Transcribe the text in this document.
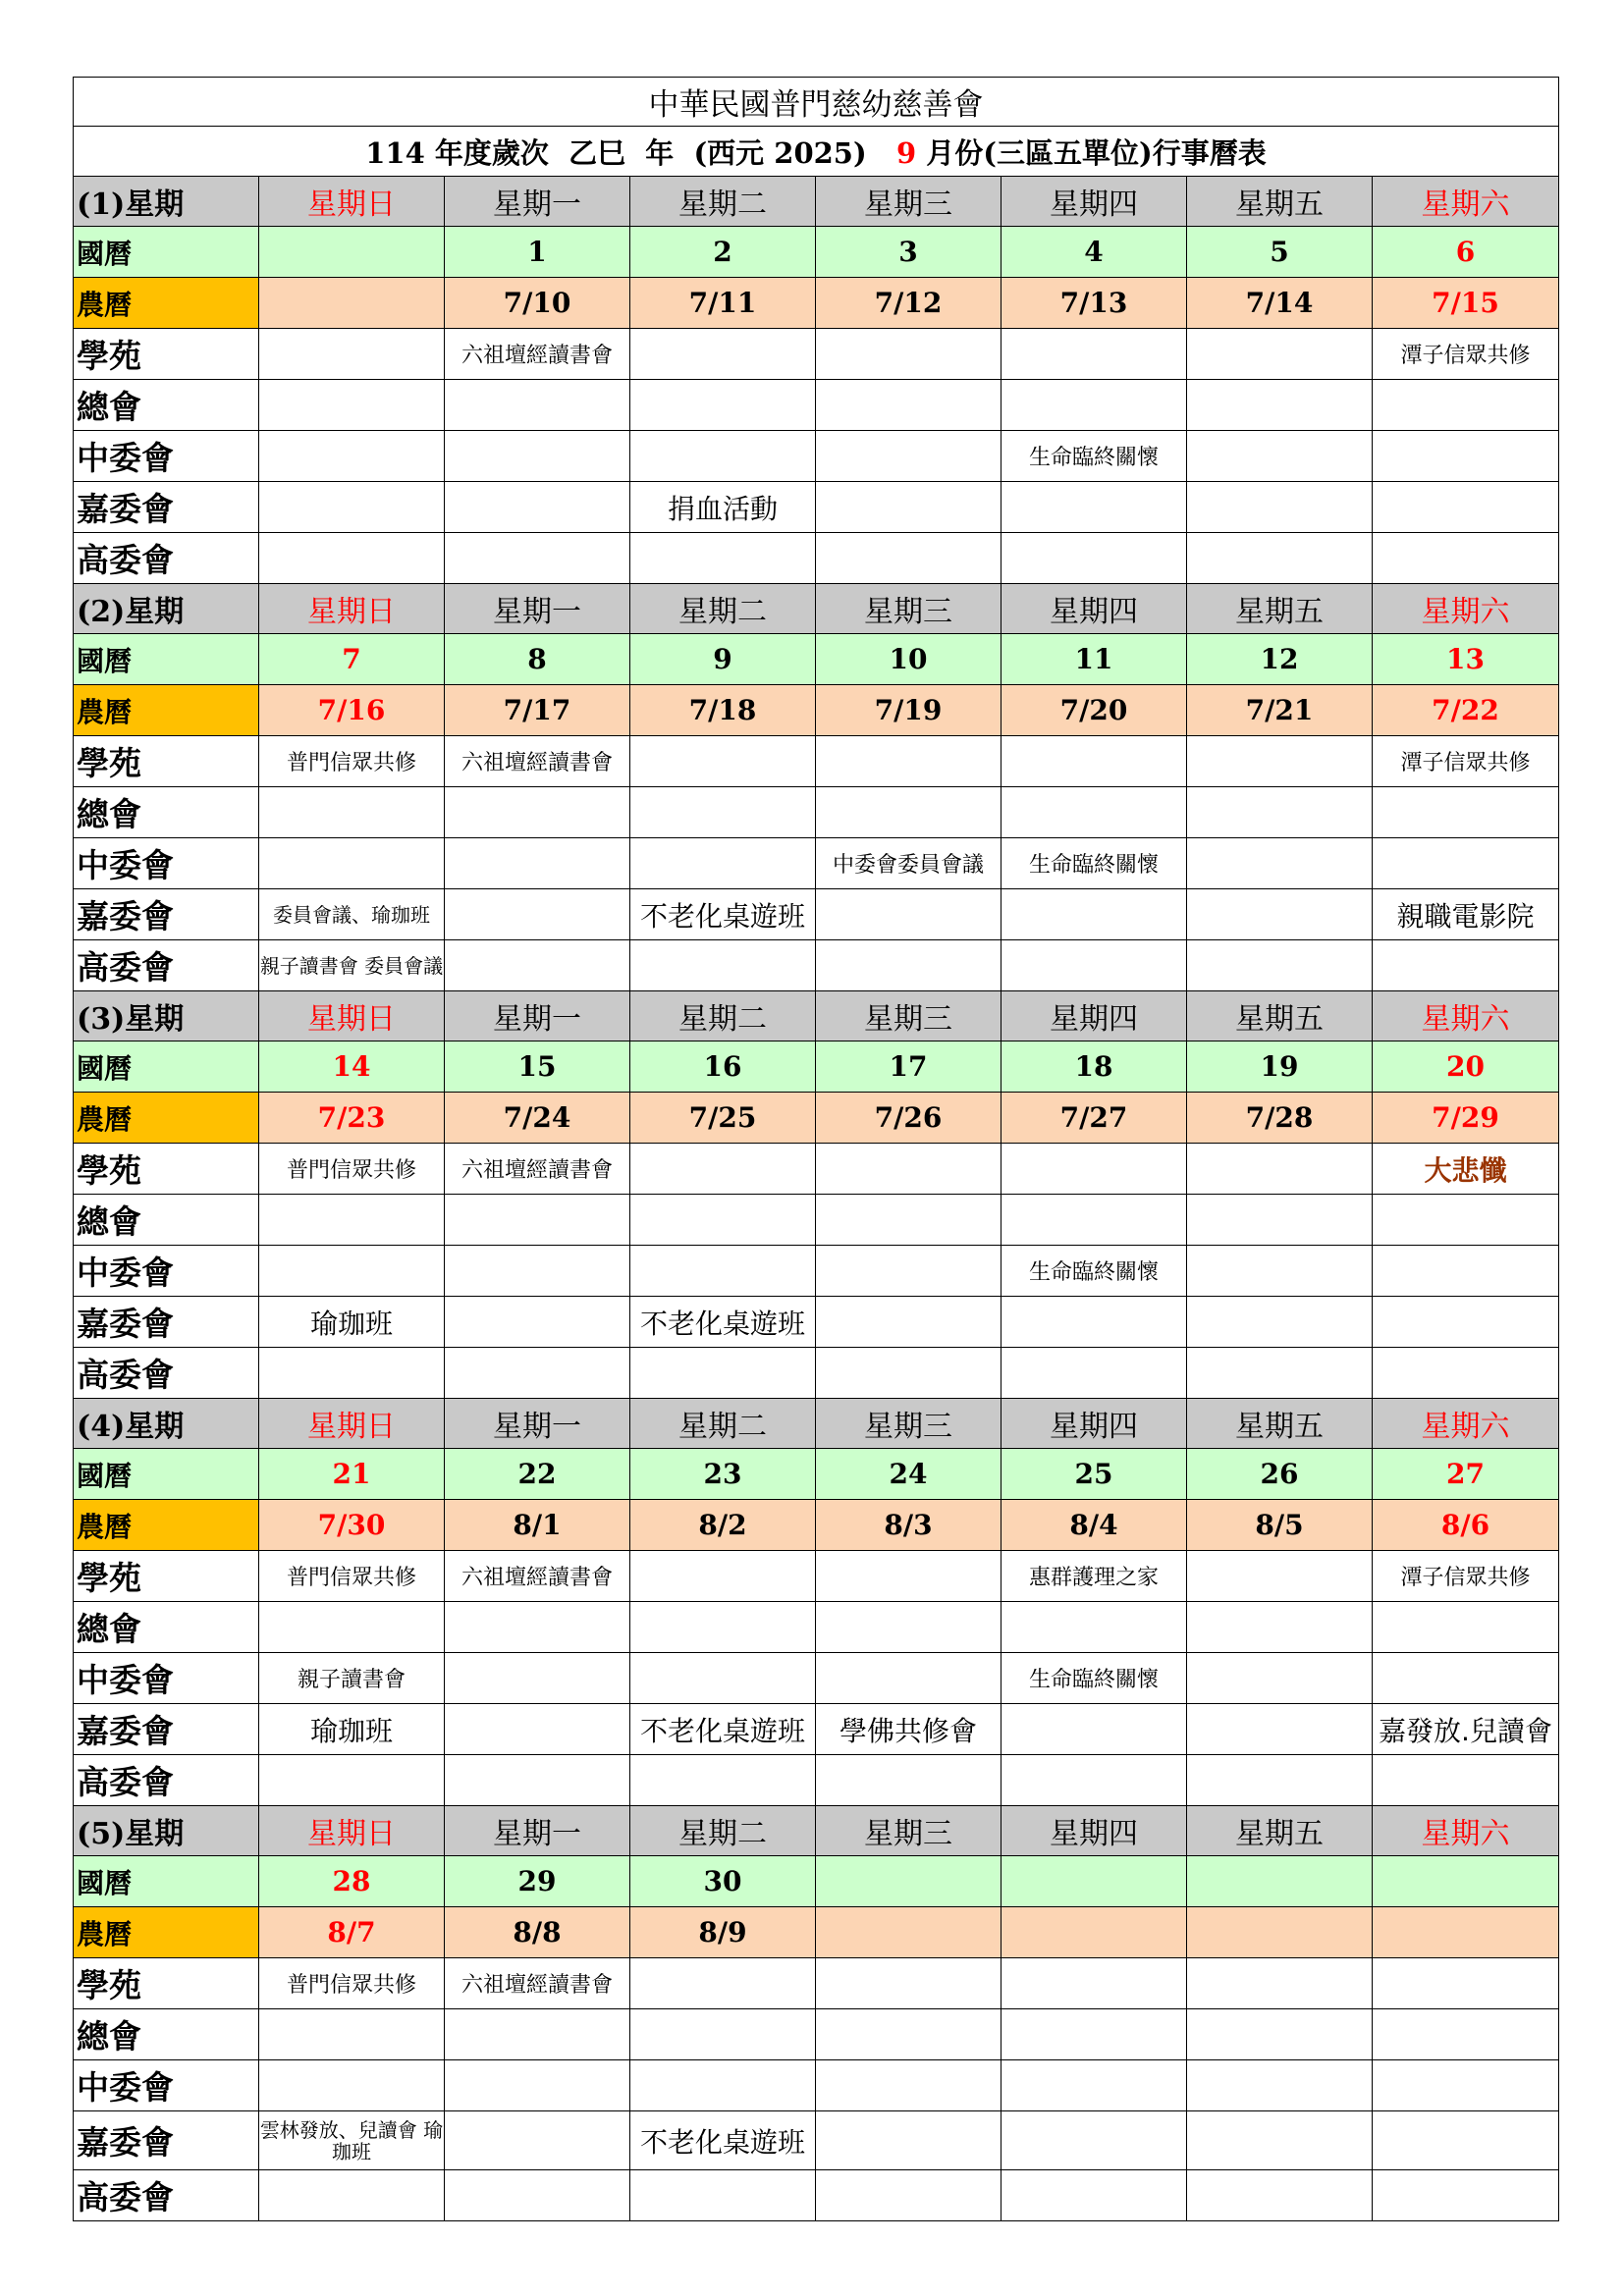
中華民國普門慈幼慈善會							
114 年度歲次  乙巳  年  (西元 2025)   9 月份(三區五單位)行事曆表							
(1)星期	星期日	星期一	星期二	星期三	星期四	星期五	星期六
國曆		1	2	3	4	5	6
農曆		7/10	7/11	7/12	7/13	7/14	7/15
學苑		六祖壇經讀書會					潭子信眾共修
總會							
中委會					生命臨終關懷		
嘉委會			捐血活動				
高委會							
(2)星期	星期日	星期一	星期二	星期三	星期四	星期五	星期六
國曆	7	8	9	10	11	12	13
農曆	7/16	7/17	7/18	7/19	7/20	7/21	7/22
學苑	普門信眾共修	六祖壇經讀書會					潭子信眾共修
總會							
中委會				中委會委員會議	生命臨終關懷		
嘉委會	委員會議、瑜珈班		不老化桌遊班				親職電影院
高委會	親子讀書會 委員會議						
(3)星期	星期日	星期一	星期二	星期三	星期四	星期五	星期六
國曆	14	15	16	17	18	19	20
農曆	7/23	7/24	7/25	7/26	7/27	7/28	7/29
學苑	普門信眾共修	六祖壇經讀書會					大悲懺
總會							
中委會					生命臨終關懷		
嘉委會	瑜珈班		不老化桌遊班				
高委會							
(4)星期	星期日	星期一	星期二	星期三	星期四	星期五	星期六
國曆	21	22	23	24	25	26	27
農曆	7/30	8/1	8/2	8/3	8/4	8/5	8/6
學苑	普門信眾共修	六祖壇經讀書會			惠群護理之家		潭子信眾共修
總會							
中委會	親子讀書會				生命臨終關懷		
嘉委會	瑜珈班		不老化桌遊班	學佛共修會			嘉發放.兒讀會
高委會							
(5)星期	星期日	星期一	星期二	星期三	星期四	星期五	星期六
國曆	28	29	30				
農曆	8/7	8/8	8/9				
學苑	普門信眾共修	六祖壇經讀書會					
總會							
中委會							
嘉委會	雲林發放、兒讀會 瑜珈班		不老化桌遊班				
高委會							
